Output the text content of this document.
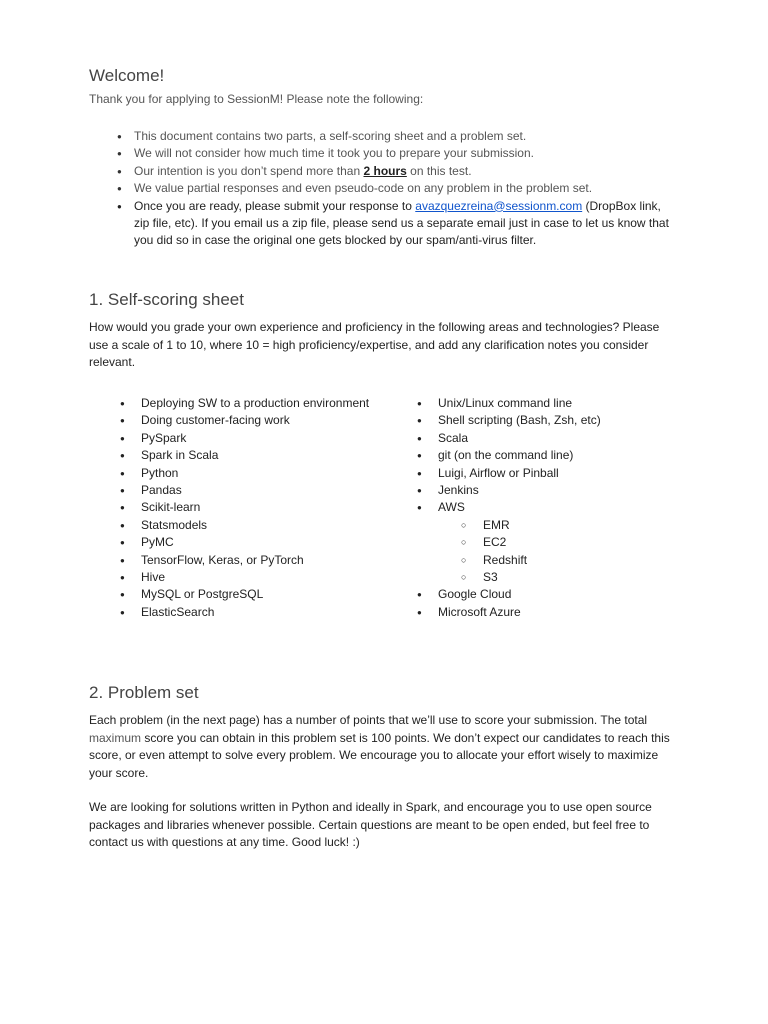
Welcome!

Thank you for applying to SessionM! Please note the following:

● This document contains two parts, a self-scoring sheet and a problem set.
● We will not consider how much time it took you to prepare your submission.
● Our intention is you don’t spend more than 2 hours on this test.
● We value partial responses and even pseudo-code on any problem in the problem set.
● Once you are ready, please submit your response to avazquezreina@sessionm.com (DropBox link, zip file, etc). If you email us a zip file, please send us a separate email just in case to let us know that you did so in case the original one gets blocked by our spam/anti-virus filter.
1. Self-scoring sheet

How would you grade your own experience and proficiency in the following areas and technologies? Please use a scale of 1 to 10, where 10 = high proficiency/expertise, and add any clarification notes you consider relevant.

● Deploying SW to a production environment
● Doing customer-facing work
● PySpark
● Spark in Scala
● Python
● Pandas
● Scikit-learn
● Statsmodels
● PyMC
● TensorFlow, Keras, or PyTorch
● Hive
● MySQL or PostgreSQL
● ElasticSearch
● Unix/Linux command line
● Shell scripting (Bash, Zsh, etc)
● Scala
● git (on the command line)
● Luigi, Airflow or Pinball
● Jenkins
● AWS
○ EMR
○ EC2
○ Redshift
○ S3
● Google Cloud
● Microsoft Azure
2. Problem set

Each problem (in the next page) has a number of points that we’ll use to score your submission. The total maximum score you can obtain in this problem set is 100 points. We don’t expect our candidates to reach this score, or even attempt to solve every problem. We encourage you to allocate your effort wisely to maximize your score.

We are looking for solutions written in Python and ideally in Spark, and encourage you to use open source packages and libraries whenever possible. Certain questions are meant to be open ended, but feel free to contact us with questions at any time. Good luck! :)
